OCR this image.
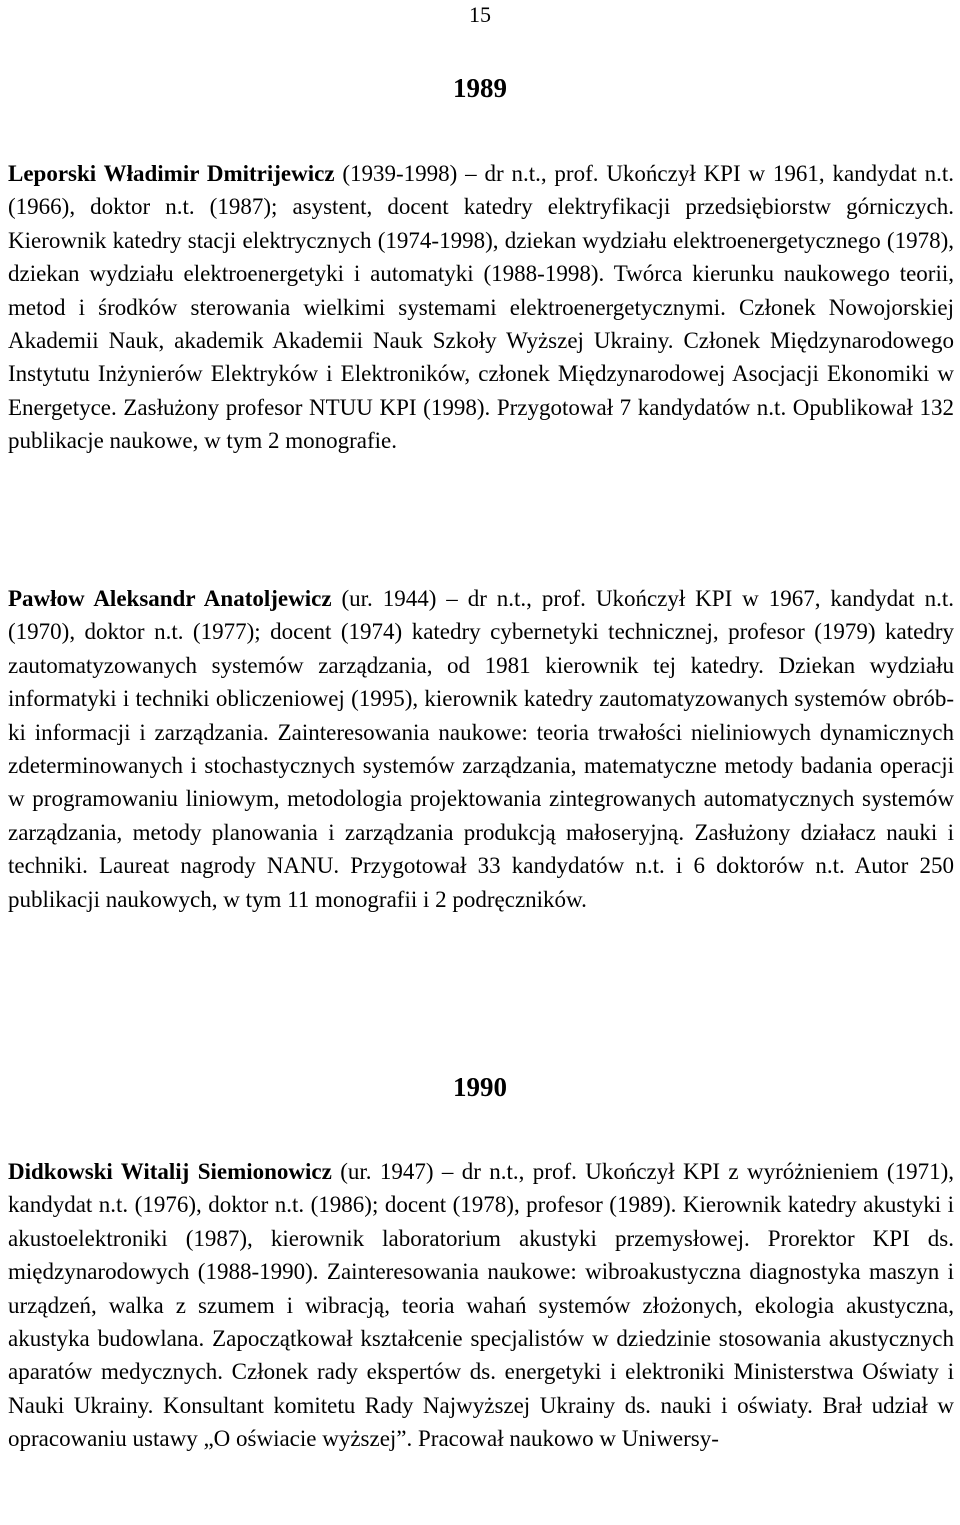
15
1989

Leporski Władimir Dmitrijewicz (1939-1998) – dr n.t., prof. Ukończył KPI w 1961, kandydat n.t. (1966), doktor n.t. (1987); asystent, docent katedry elektryfikacji przedsiębiorstw górniczych. Kierownik katedry stacji elektrycznych (1974-1998), dziekan wydziału elektroenergetycznego (1978), dziekan wydziału elektroenergetyki i automatyki (1988-1998). Twórca kierunku naukowego teorii, metod i środków sterowania wielkimi systemami elektroenergetycznymi. Członek Nowojorskiej Akademii Nauk, akademik Akademii Nauk Szkoły Wyższej Ukrainy. Członek Międzynarodowego Instytutu Inżynierów Elektryków i Elektroników, członek Międzynarodowej Asocjacji Ekonomiki w Energetyce. Zasłużony profesor NTUU KPI (1998). Przygotował 7 kandydatów n.t. Opublikował 132 publikacje naukowe, w tym 2 monografie.

Pawłow Aleksandr Anatoljewicz (ur. 1944) – dr n.t., prof. Ukończył KPI w 1967, kandydat n.t. (1970), doktor n.t. (1977); docent (1974) katedry cybernetyki technicznej, profesor (1979) katedry zautomatyzowanych systemów zarządzania, od 1981 kierownik tej katedry. Dziekan wydziału informatyki i techniki obliczeniowej (1995), kierownik katedry zautomatyzowanych systemów obróbki informacji i zarządzania. Zainteresowania naukowe: teoria trwałości nieliniowych dynamicznych zdeterminowanych i stochastycznych systemów zarządzania, matematyczne metody badania operacji w programowaniu liniowym, metodologia projektowania zintegrowanych automatycznych systemów zarządzania, metody planowania i zarządzania produkcją małoseryjną. Zasłużony działacz nauki i techniki. Laureat nagrody NANU. Przygotował 33 kandydatów n.t. i 6 doktorów n.t. Autor 250 publikacji naukowych, w tym 11 monografii i 2 podręczników.

1990

Didkowski Witalij Siemionowicz (ur. 1947) – dr n.t., prof. Ukończył KPI z wyróżnieniem (1971), kandydat n.t. (1976), doktor n.t. (1986); docent (1978), profesor (1989). Kierownik katedry akustyki i akustoelektroniki (1987), kierownik laboratorium akustyki przemysłowej. Prorektor KPI ds. międzynarodowych (1988-1990). Zainteresowania naukowe: wibroakustyczna diagnostyka maszyn i urządzeń, walka z szumem i wibracją, teoria wahań systemów złożonych, ekologia akustyczna, akustyka budowlana. Zapoczątkował kształcenie specjalistów w dziedzinie stosowania akustycznych aparatów medycznych. Członek rady ekspertów ds. energetyki i elektroniki Ministerstwa Oświaty i Nauki Ukrainy. Konsultant komitetu Rady Najwyższej Ukrainy ds. nauki i oświaty. Brał udział w opracowaniu ustawy „O oświacie wyższej”. Pracował naukowo w Uniwersy-
